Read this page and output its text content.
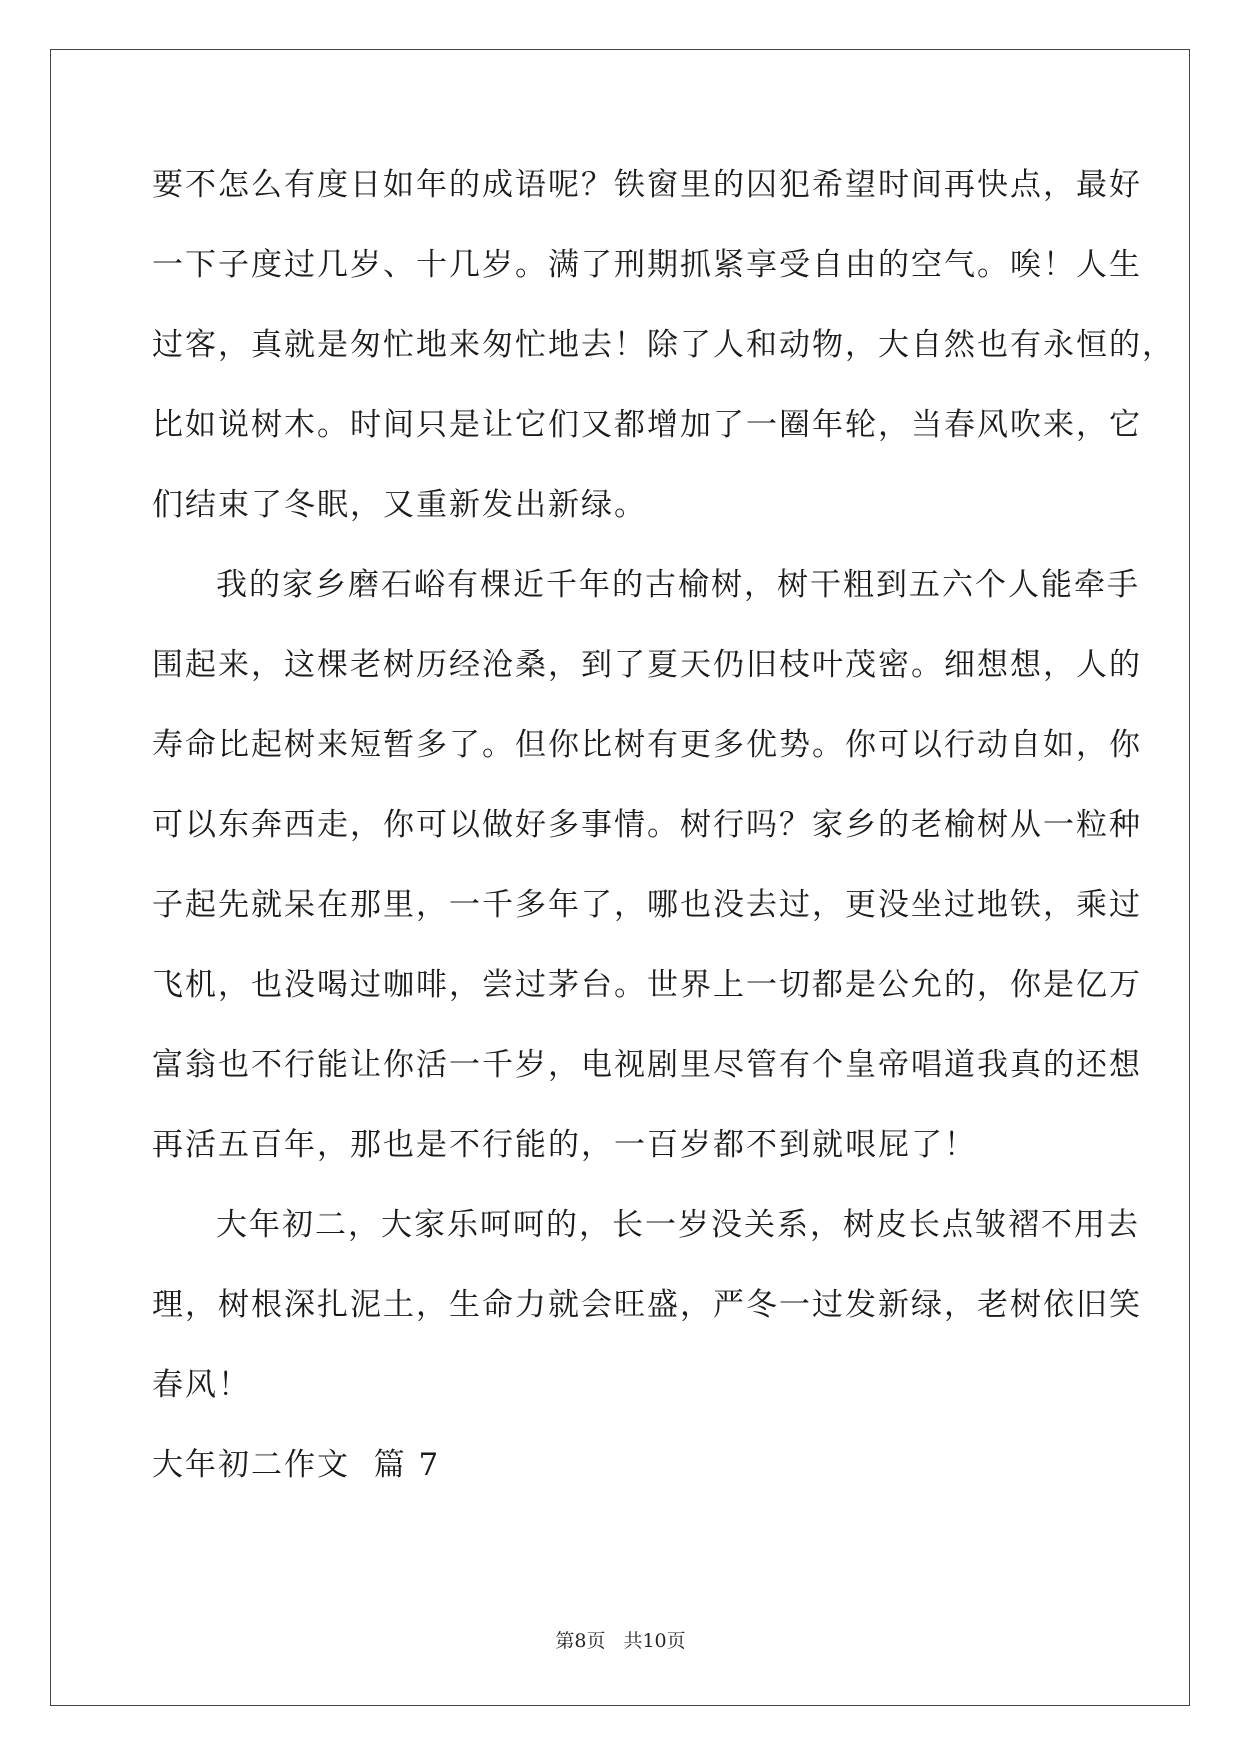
要不怎么有度日如年的成语呢？铁窗里的囚犯希望时间再快点，最好
一下子度过几岁、十几岁。满了刑期抓紧享受自由的空气。唉！人生
过客，真就是匆忙地来匆忙地去！除了人和动物，大自然也有永恒的，
比如说树木。时间只是让它们又都增加了一圈年轮，当春风吹来，它
们结束了冬眠，又重新发出新绿。
我的家乡磨石峪有棵近千年的古榆树，树干粗到五六个人能牵手
围起来，这棵老树历经沧桑，到了夏天仍旧枝叶茂密。细想想，人的
寿命比起树来短暂多了。但你比树有更多优势。你可以行动自如，你
可以东奔西走，你可以做好多事情。树行吗？家乡的老榆树从一粒种
子起先就呆在那里，一千多年了，哪也没去过，更没坐过地铁，乘过
飞机，也没喝过咖啡，尝过茅台。世界上一切都是公允的，你是亿万
富翁也不行能让你活一千岁，电视剧里尽管有个皇帝唱道我真的还想
再活五百年，那也是不行能的，一百岁都不到就哏屁了！
大年初二，大家乐呵呵的，长一岁没关系，树皮长点皱褶不用去
理，树根深扎泥土，生命力就会旺盛，严冬一过发新绿，老树依旧笑
春风！
大年初二作文  篇 7
第8页 共10页
